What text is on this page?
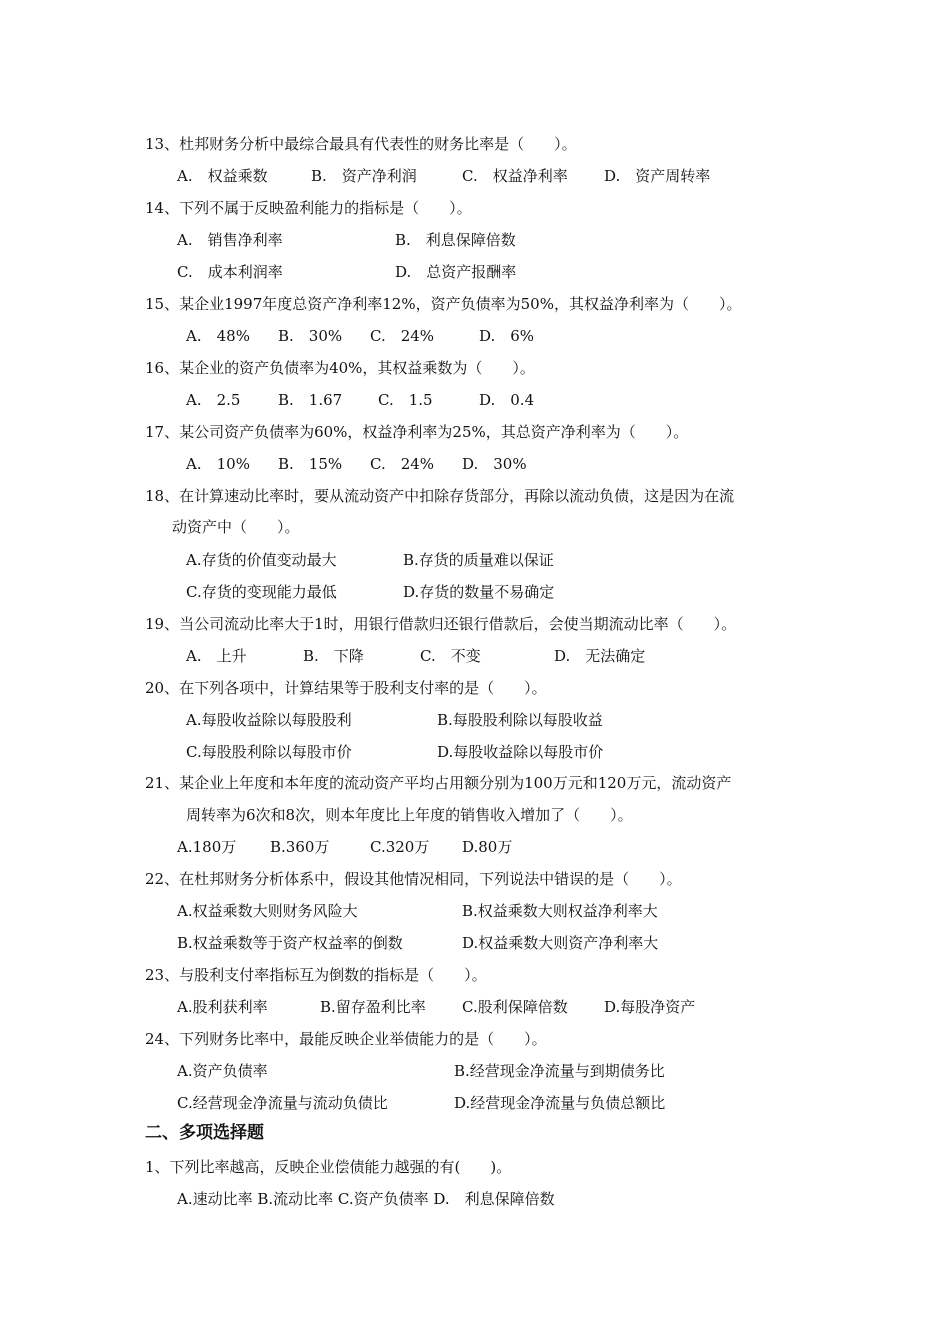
13、杜邦财务分析中最综合最具有代表性的财务比率是（　　）。
A.　权益乘数	B.　资产净利润	C.　权益净利率 D.　资产周转率
14、下列不属于反映盈利能力的指标是（　　）。
A.　销售净利率	B.　利息保障倍数
C.　成本利润率	D.　总资产报酬率
15、某企业1997年度总资产净利率12%，资产负债率为50%，其权益净利率为（　　）。
A.　48% B.　30% C.　24%	D.　6%
16、某企业的资产负债率为40%，其权益乘数为（　　）。
A.　2.5	B.　1.67 C.　1.5	D.　0.4
17、某公司资产负债率为60%，权益净利率为25%，其总资产净利率为（　　）。
A.　10% B.　15% C.　24% D.　30%
18、在计算速动比率时，要从流动资产中扣除存货部分，再除以流动负债，这是因为在流
动资产中（　　）。
A.存货的价值变动最大	B.存货的质量难以保证
C.存货的变现能力最低	D.存货的数量不易确定
19、当公司流动比率大于1时，用银行借款归还银行借款后，会使当期流动比率（　　）。
A.　上升	B.　下降	C.　不变	D.　无法确定
20、在下列各项中，计算结果等于股利支付率的是（　　）。
A.每股收益除以每股股利	B.每股股利除以每股收益
C.每股股利除以每股市价	D.每股收益除以每股市价
21、某企业上年度和本年度的流动资产平均占用额分别为100万元和120万元，流动资产
周转率为6次和8次，则本年度比上年度的销售收入增加了（　　）。
A.180万 B.360万	C.320万 D.80万
22、在杜邦财务分析体系中，假设其他情况相同，下列说法中错误的是（　　）。
A.权益乘数大则财务风险大	B.权益乘数大则权益净利率大
B.权益乘数等于资产权益率的倒数	D.权益乘数大则资产净利率大
23、与股利支付率指标互为倒数的指标是（　　）。
A.股利获利率	B.留存盈利比率 C.股利保障倍数 D.每股净资产
24、下列财务比率中，最能反映企业举债能力的是（　　）。
A.资产负债率	B.经营现金净流量与到期债务比
C.经营现金净流量与流动负债比	D.经营现金净流量与负债总额比
二、多项选择题
1、下列比率越高，反映企业偿债能力越强的有(　　)。
A.速动比率 B.流动比率 C.资产负债率 D.　利息保障倍数
